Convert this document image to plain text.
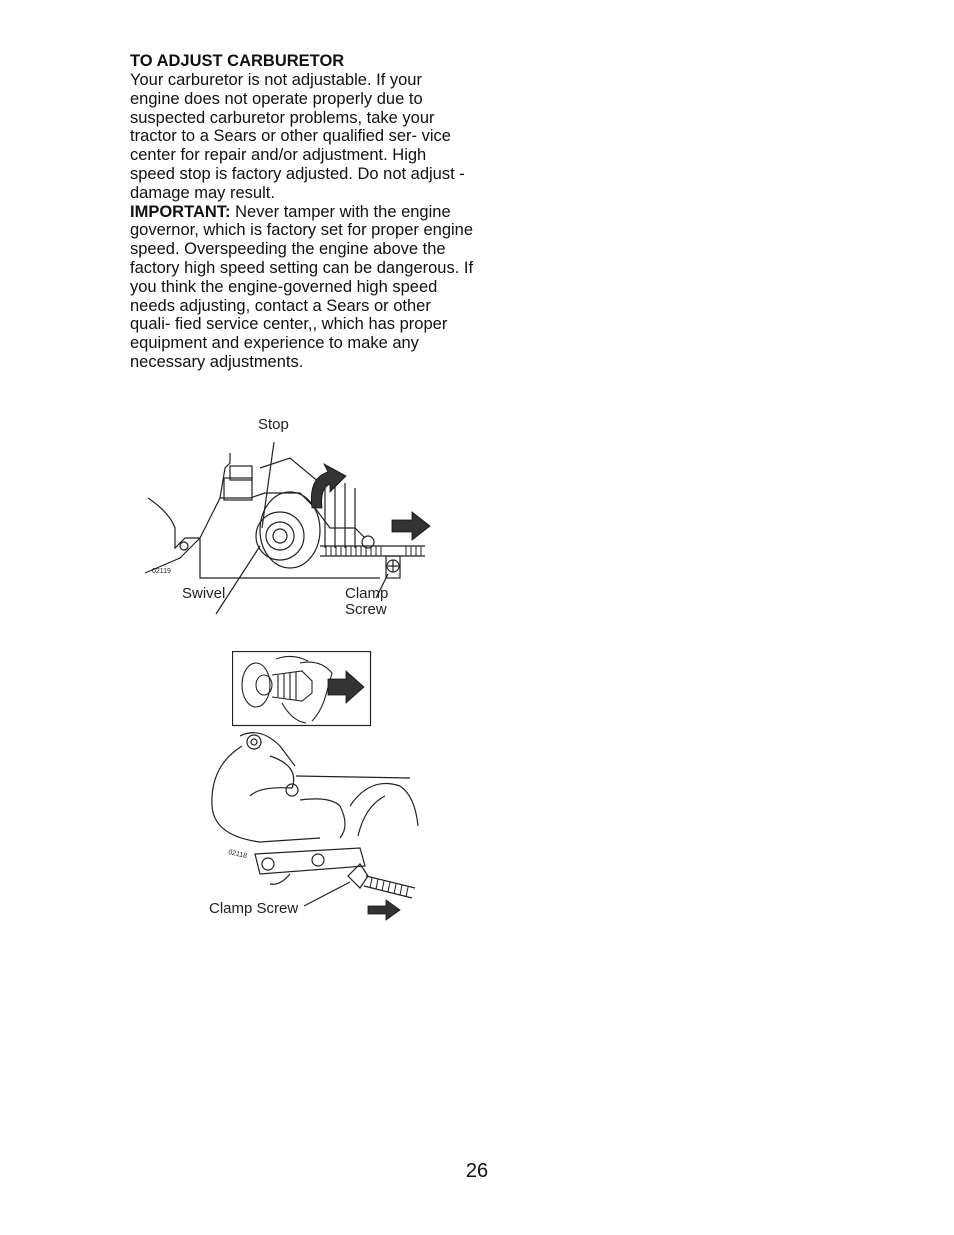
TO ADJUST CARBURETOR

Your carburetor is not adjustable. If your engine does not operate properly due to suspected carburetor problems, take your tractor to a Sears or other qualified ser- vice center for repair and/or adjustment. High speed stop is factory adjusted. Do not adjust - damage may result.

IMPORTANT: Never tamper with the engine governor, which is factory set for proper engine speed. Overspeeding the engine above the factory high speed setting can be dangerous. If you think the engine-governed high speed needs adjusting, contact a Sears or other quali- fied service center,, which has proper equipment and experience to make any necessary adjustments.

Stop
02119
Swivel	Clamp
Screw
02118
Clamp Screw
26
